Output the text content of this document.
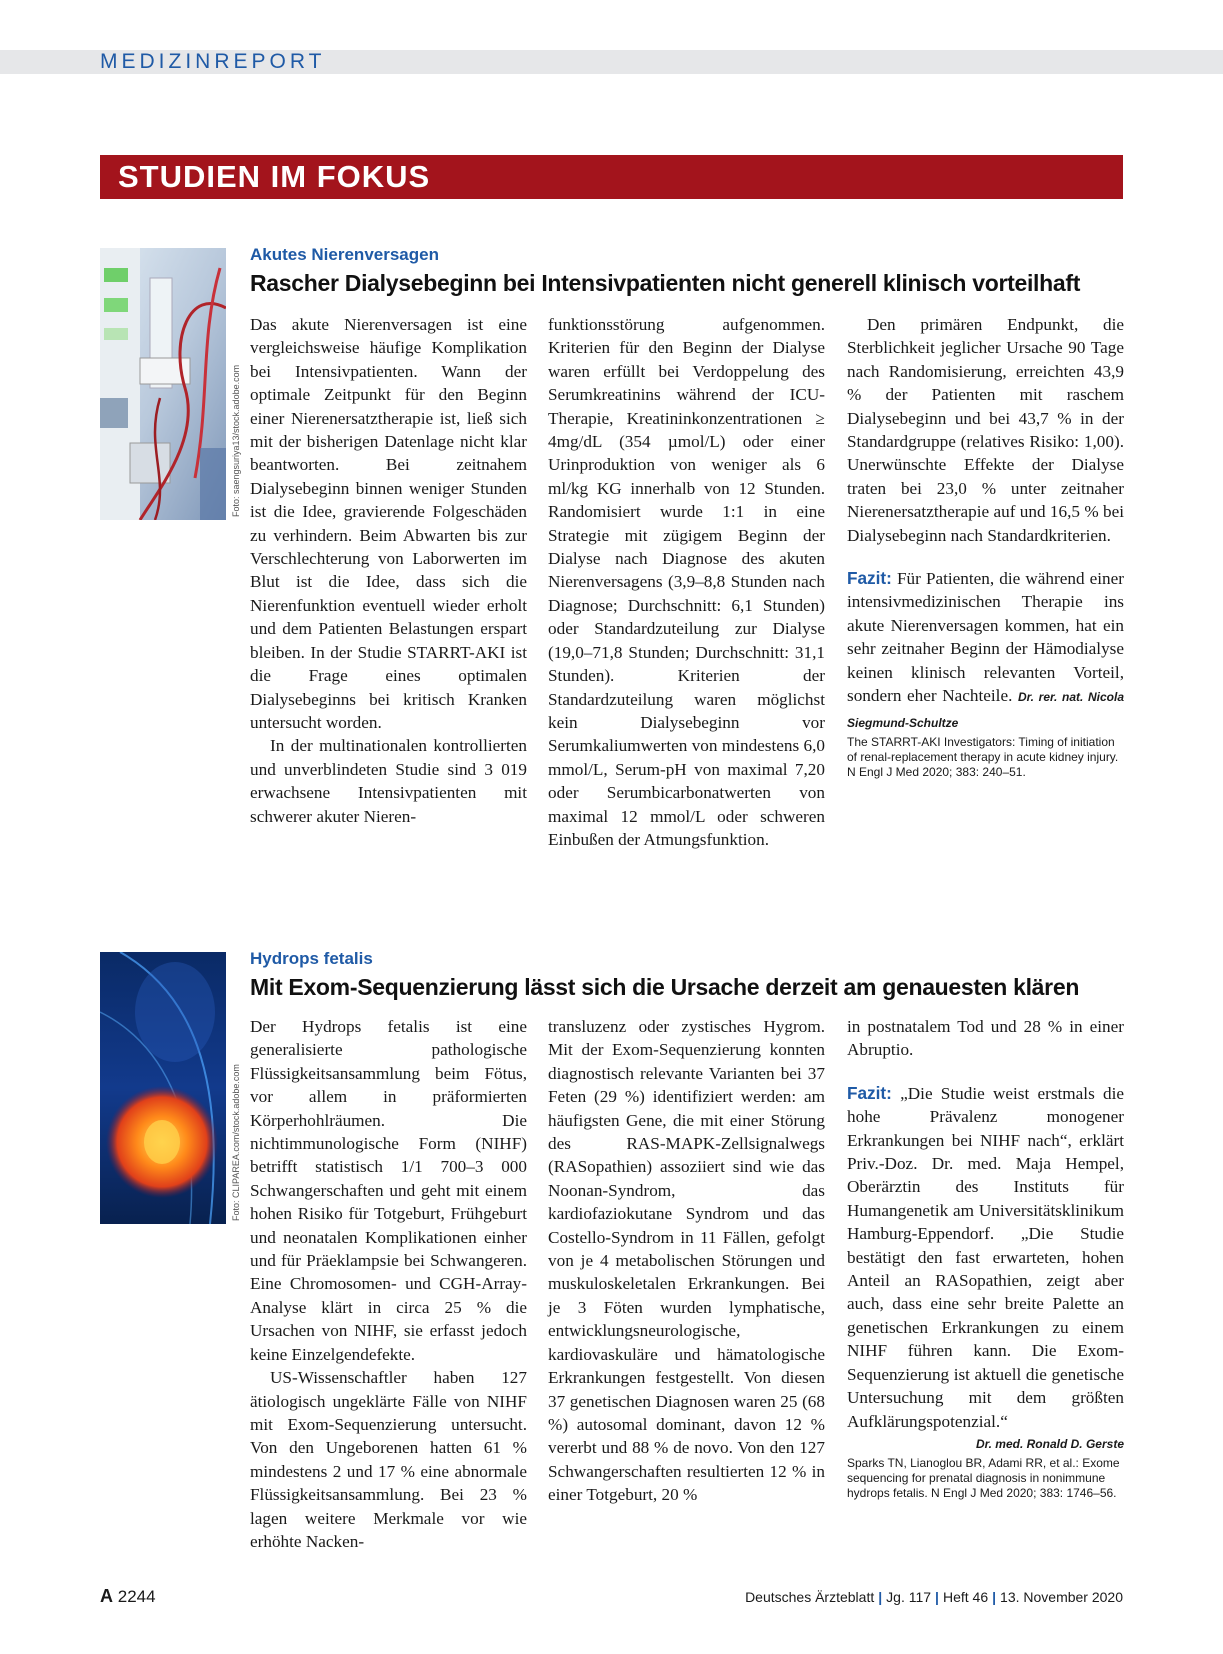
MEDIZINREPORT
STUDIEN IM FOKUS
Foto: saengsuriya13/stock.adobe.com
Akutes Nierenversagen
Rascher Dialysebeginn bei Intensivpatienten nicht generell klinisch vorteilhaft

Das akute Nierenversagen ist eine vergleichsweise häufige Komplikation bei Intensivpatienten. Wann der optimale Zeitpunkt für den Beginn einer Nierenersatztherapie ist, ließ sich mit der bisherigen Datenlage nicht klar beantworten. Bei zeitnahem Dialysebeginn binnen weniger Stunden ist die Idee, gravierende Folgeschäden zu verhindern. Beim Abwarten bis zur Verschlechterung von Laborwerten im Blut ist die Idee, dass sich die Nierenfunktion eventuell wieder erholt und dem Patienten Belastungen erspart bleiben. In der Studie STARRT-AKI ist die Frage eines optimalen Dialysebeginns bei kritisch Kranken untersucht worden.

In der multinationalen kontrollierten und unverblindeten Studie sind 3 019 erwachsene Intensivpatienten mit schwerer akuter Nieren-

funktionsstörung aufgenommen. Kriterien für den Beginn der Dialyse waren erfüllt bei Verdoppelung des Serumkreatinins während der ICU-Therapie, Kreatininkonzentrationen ≥ 4mg/dL (354 µmol/L) oder einer Urinproduktion von weniger als 6 ml/kg KG innerhalb von 12 Stunden. Randomisiert wurde 1:1 in eine Strategie mit zügigem Beginn der Dialyse nach Diagnose des akuten Nierenversagens (3,9–8,8 Stunden nach Diagnose; Durchschnitt: 6,1 Stunden) oder Standardzuteilung zur Dialyse (19,0–71,8 Stunden; Durchschnitt: 31,1 Stunden). Kriterien der Standardzuteilung waren möglichst kein Dialysebeginn vor Serumkaliumwerten von mindestens 6,0 mmol/L, Serum-pH von maximal 7,20 oder Serumbicarbonatwerten von maximal 12 mmol/L oder schweren Einbußen der Atmungsfunktion.

Den primären Endpunkt, die Sterblichkeit jeglicher Ursache 90 Tage nach Randomisierung, erreichten 43,9 % der Patienten mit raschem Dialysebeginn und bei 43,7 % in der Standardgruppe (relatives Risiko: 1,00). Unerwünschte Effekte der Dialyse traten bei 23,0 % unter zeitnaher Nierenersatztherapie auf und 16,5 % bei Dialysebeginn nach Standardkriterien.

Fazit: Für Patienten, die während einer intensivmedizinischen Therapie ins akute Nierenversagen kommen, hat ein sehr zeitnaher Beginn der Hämodialyse keinen klinisch relevanten Vorteil, sondern eher Nachteile. Dr. rer. nat. Nicola Siegmund-Schultze

The STARRT-AKI Investigators: Timing of initiation of renal-replacement therapy in acute kidney injury. N Engl J Med 2020; 383: 240–51.

Foto: CLIPAREA.com/stock.adobe.com
Hydrops fetalis
Mit Exom-Sequenzierung lässt sich die Ursache derzeit am genauesten klären

Der Hydrops fetalis ist eine generalisierte pathologische Flüssigkeitsansammlung beim Fötus, vor allem in präformierten Körperhohlräumen. Die nichtimmunologische Form (NIHF) betrifft statistisch 1/1 700–3 000 Schwangerschaften und geht mit einem hohen Risiko für Totgeburt, Frühgeburt und neonatalen Komplikationen einher und für Präeklampsie bei Schwangeren. Eine Chromosomen- und CGH-Array-Analyse klärt in circa 25 % die Ursachen von NIHF, sie erfasst jedoch keine Einzelgendefekte.

US-Wissenschaftler haben 127 ätiologisch ungeklärte Fälle von NIHF mit Exom-Sequenzierung untersucht. Von den Ungeborenen hatten 61 % mindestens 2 und 17 % eine abnormale Flüssigkeitsansammlung. Bei 23 % lagen weitere Merkmale vor wie erhöhte Nacken-

transluzenz oder zystisches Hygrom. Mit der Exom-Sequenzierung konnten diagnostisch relevante Varianten bei 37 Feten (29 %) identifiziert werden: am häufigsten Gene, die mit einer Störung des RAS-MAPK-Zellsignalwegs (RASopathien) assoziiert sind wie das Noonan-Syndrom, das kardiofaziokutane Syndrom und das Costello-Syndrom in 11 Fällen, gefolgt von je 4 metabolischen Störungen und muskuloskeletalen Erkrankungen. Bei je 3 Föten wurden lymphatische, entwicklungsneurologische, kardiovaskuläre und hämatologische Erkrankungen festgestellt. Von diesen 37 genetischen Diagnosen waren 25 (68 %) autosomal dominant, davon 12 % vererbt und 88 % de novo. Von den 127 Schwangerschaften resultierten 12 % in einer Totgeburt, 20 %

in postnatalem Tod und 28 % in einer Abruptio.

Fazit: „Die Studie weist erstmals die hohe Prävalenz monogener Erkrankungen bei NIHF nach“, erklärt Priv.-Doz. Dr. med. Maja Hempel, Oberärztin des Instituts für Humangenetik am Universitätsklinikum Hamburg-Eppendorf. „Die Studie bestätigt den fast erwarteten, hohen Anteil an RASopathien, zeigt aber auch, dass eine sehr breite Palette an genetischen Erkrankungen zu einem NIHF führen kann. Die Exom-Sequenzierung ist aktuell die genetische Untersuchung mit dem größten Aufklärungspotenzial.“
Dr. med. Ronald D. Gerste

Sparks TN, Lianoglou BR, Adami RR, et al.: Exome sequencing for prenatal diagnosis in nonimmune hydrops fetalis. N Engl J Med 2020; 383: 1746–56.

A 2244	Deutsches Ärzteblatt | Jg. 117 | Heft 46 | 13. November 2020
